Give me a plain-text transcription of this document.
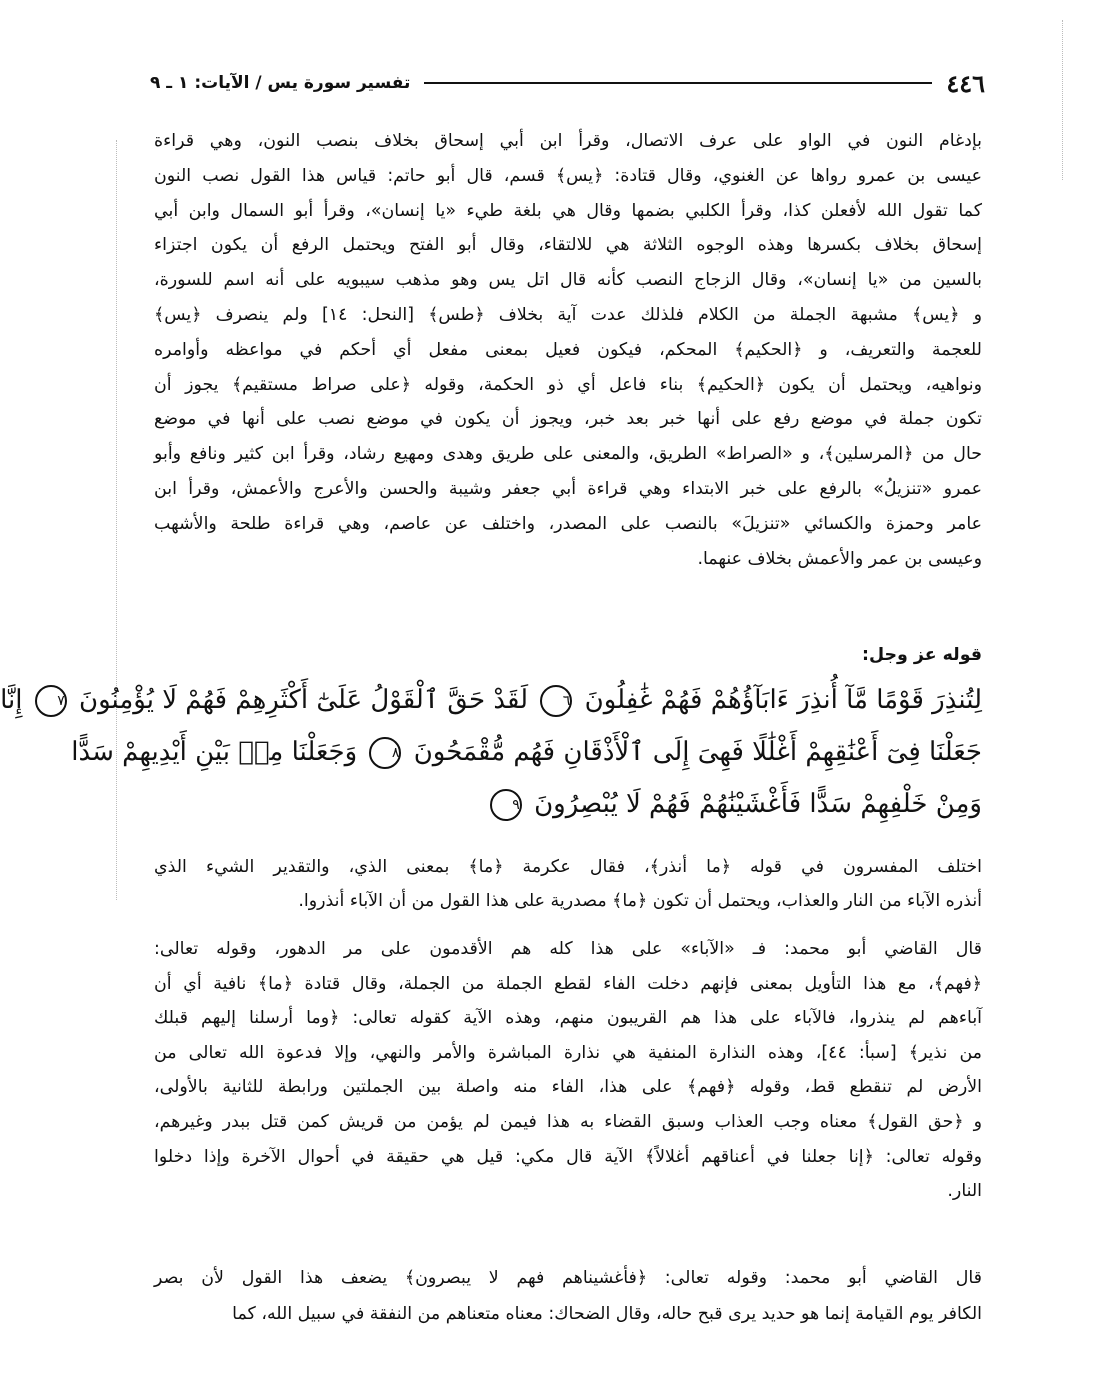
٤٤٦
تفسير سورة يس / الآيات: ١ ـ ٩
بإدغام النون في الواو على عرف الاتصال، وقرأ ابن أبي إسحاق بخلاف بنصب النون، وهي قراءة
عيسى بن عمرو رواها عن الغنوي، وقال قتادة: ﴿يس﴾ قسم، قال أبو حاتم: قياس هذا القول نصب النون
كما تقول الله لأفعلن كذا، وقرأ الكلبي بضمها وقال هي بلغة طيء «يا إنسان»، وقرأ أبو السمال وابن أبي
إسحاق بخلاف بكسرها وهذه الوجوه الثلاثة هي للالتقاء، وقال أبو الفتح ويحتمل الرفع أن يكون اجتزاء
بالسين من «يا إنسان»، وقال الزجاج النصب كأنه قال اتل يس وهو مذهب سيبويه على أنه اسم للسورة،
و ﴿يس﴾ مشبهة الجملة من الكلام فلذلك عدت آية بخلاف ﴿طس﴾ [النحل: ١٤] ولم ينصرف ﴿يس﴾
للعجمة والتعريف، و ﴿الحكيم﴾ المحكم، فيكون فعيل بمعنى مفعل أي أحكم في مواعظه وأوامره
ونواهيه، ويحتمل أن يكون ﴿الحكيم﴾ بناء فاعل أي ذو الحكمة، وقوله ﴿على صراط مستقيم﴾ يجوز أن
تكون جملة في موضع رفع على أنها خبر بعد خبر، ويجوز أن يكون في موضع نصب على أنها في موضع
حال من ﴿المرسلين﴾، و «الصراط» الطريق، والمعنى على طريق وهدى ومهيع رشاد، وقرأ ابن كثير ونافع وأبو
عمرو «تنزيلُ» بالرفع على خبر الابتداء وهي قراءة أبي جعفر وشيبة والحسن والأعرج والأعمش، وقرأ ابن
عامر وحمزة والكسائي «تنزيلَ» بالنصب على المصدر، واختلف عن عاصم، وهي قراءة طلحة والأشهب
وعيسى بن عمر والأعمش بخلاف عنهما.
قوله عز وجل:
لِتُنذِرَ قَوْمًا مَّآ أُنذِرَ ءَابَآؤُهُمْ فَهُمْ غَٰفِلُونَ ٦ لَقَدْ حَقَّ ٱلْقَوْلُ عَلَىٰٓ أَكْثَرِهِمْ فَهُمْ لَا يُؤْمِنُونَ ٧ إِنَّا
جَعَلْنَا فِىٓ أَعْنَٰقِهِمْ أَغْلَٰلًا فَهِىَ إِلَى ٱلْأَذْقَانِ فَهُم مُّقْمَحُونَ ٨ وَجَعَلْنَا مِنۢ بَيْنِ أَيْدِيهِمْ سَدًّا
وَمِنْ خَلْفِهِمْ سَدًّا فَأَغْشَيْنَٰهُمْ فَهُمْ لَا يُبْصِرُونَ ٩
اختلف المفسرون في قوله ﴿ما أنذر﴾، فقال عكرمة ﴿ما﴾ بمعنى الذي، والتقدير الشيء الذي
أنذره الآباء من النار والعذاب، ويحتمل أن تكون ﴿ما﴾ مصدرية على هذا القول من أن الآباء أنذروا.
قال القاضي أبو محمد: فـ «الآباء» على هذا كله هم الأقدمون على مر الدهور، وقوله تعالى:
﴿فهم﴾، مع هذا التأويل بمعنى فإنهم دخلت الفاء لقطع الجملة من الجملة، وقال قتادة ﴿ما﴾ نافية أي أن
آباءهم لم ينذروا، فالآباء على هذا هم القريبون منهم، وهذه الآية كقوله تعالى: ﴿وما أرسلنا إليهم قبلك
من نذير﴾ [سبأ: ٤٤]، وهذه النذارة المنفية هي نذارة المباشرة والأمر والنهي، وإلا فدعوة الله تعالى من
الأرض لم تنقطع قط، وقوله ﴿فهم﴾ على هذا، الفاء منه واصلة بين الجملتين ورابطة للثانية بالأولى،
و ﴿حق القول﴾ معناه وجب العذاب وسبق القضاء به هذا فيمن لم يؤمن من قريش كمن قتل ببدر وغيرهم،
وقوله تعالى: ﴿إنا جعلنا في أعناقهم أغلالاً﴾ الآية قال مكي: قيل هي حقيقة في أحوال الآخرة وإذا دخلوا
النار.
قال القاضي أبو محمد: وقوله تعالى: ﴿فأغشيناهم فهم لا يبصرون﴾ يضعف هذا القول لأن بصر
الكافر يوم القيامة إنما هو حديد يرى قبح حاله، وقال الضحاك: معناه متعناهم من النفقة في سبيل الله، كما
